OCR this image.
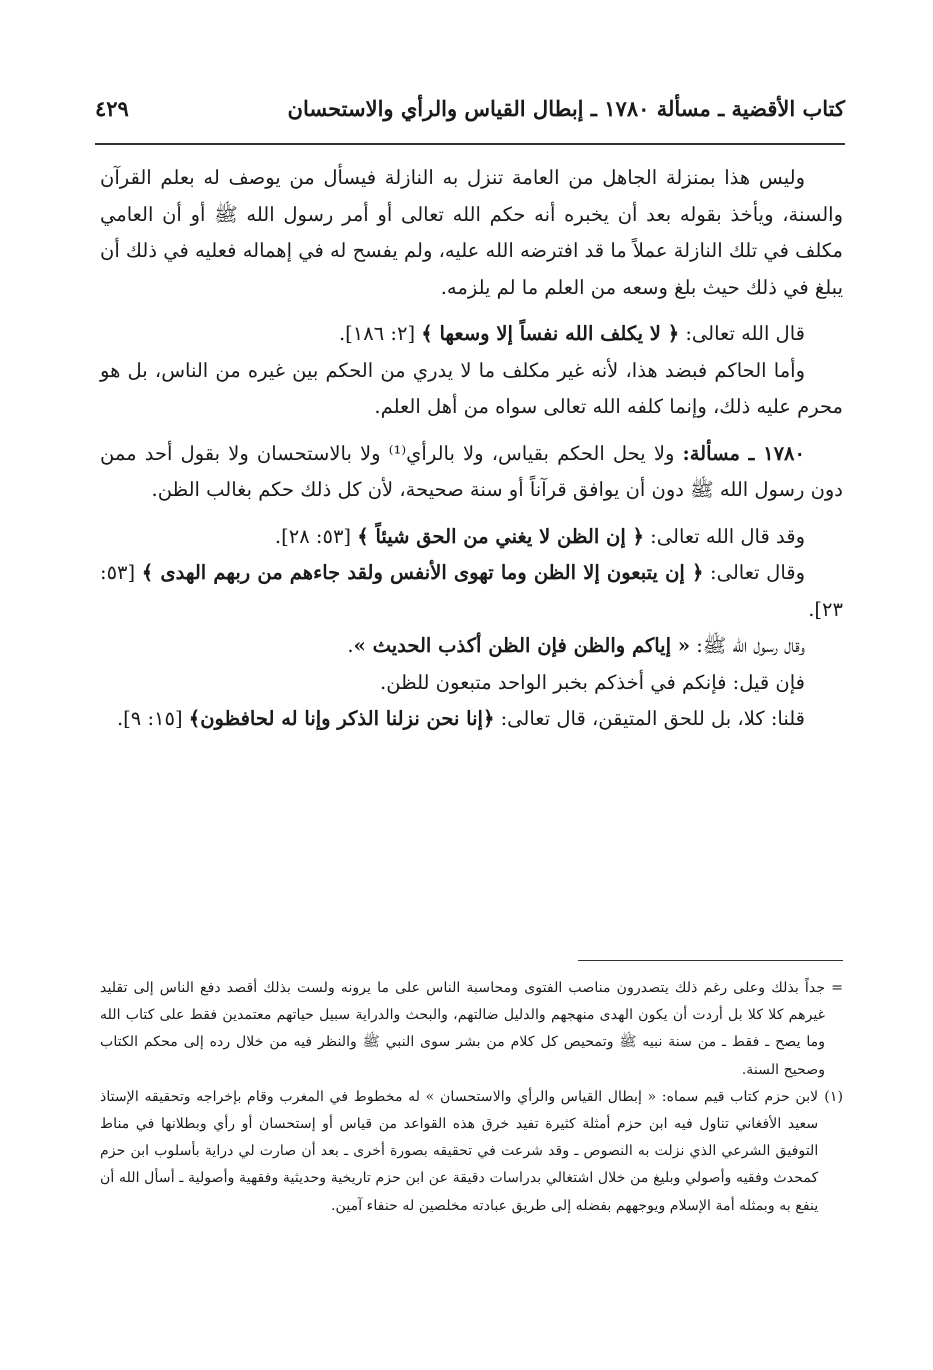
كتاب الأقضية ـ مسألة ١٧٨٠ ـ إبطال القياس والرأي والاستحسان
٤٢٩

وليس هذا بمنزلة الجاهل من العامة تنزل به النازلة فيسأل من يوصف له بعلم القرآن والسنة، ويأخذ بقوله بعد أن يخبره أنه حكم الله تعالى أو أمر رسول الله ﷺ أو أن العامي مكلف في تلك النازلة عملاً ما قد افترضه الله عليه، ولم يفسح له في إهماله فعليه في ذلك أن يبلغ في ذلك حيث بلغ وسعه من العلم ما لم يلزمه.

قال الله تعالى: ﴿ لا يكلف الله نفساً إلا وسعها ﴾ [٢: ١٨٦].

وأما الحاكم فبضد هذا، لأنه غير مكلف ما لا يدري من الحكم بين غيره من الناس، بل هو محرم عليه ذلك، وإنما كلفه الله تعالى سواه من أهل العلم.

١٧٨٠ ـ مسألة: ولا يحل الحكم بقياس، ولا بالرأي⁽¹⁾ ولا بالاستحسان ولا بقول أحد ممن دون رسول الله ﷺ دون أن يوافق قرآناً أو سنة صحيحة، لأن كل ذلك حكم بغالب الظن.

وقد قال الله تعالى: ﴿ إن الظن لا يغني من الحق شيئاً ﴾ [٥٣: ٢٨].

وقال تعالى: ﴿ إن يتبعون إلا الظن وما تهوى الأنفس ولقد جاءهم من ربهم الهدى ﴾ [٥٣: ٢٣].

وقال رسول الله ﷺ: « إياكم والظن فإن الظن أكذب الحديث ».

فإن قيل: فإنكم في أخذكم بخبر الواحد متبعون للظن.

قلنا: كلا، بل للحق المتيقن، قال تعالى: ﴿إنا نحن نزلنا الذكر وإنا له لحافظون﴾ [١٥: ٩].

=
جداً بذلك وعلى رغم ذلك يتصدرون مناصب الفتوى ومحاسبة الناس على ما يرونه ولست بذلك أقصد دفع الناس إلى تقليد غيرهم كلا كلا بل أردت أن يكون الهدى منهجهم والدليل ضالتهم، والبحث والدراية سبيل حياتهم معتمدين فقط على كتاب الله وما يصح ـ فقط ـ من سنة نبيه ﷺ وتمحيص كل كلام من بشر سوى النبي ﷺ والنظر فيه من خلال رده إلى محكم الكتاب وصحيح السنة.
(١)
لابن حزم كتاب قيم سماه: « إبطال القياس والرأي والاستحسان » له مخطوط في المغرب وقام بإخراجه وتحقيقه الإستاذ سعيد الأفغاني تناول فيه ابن حزم أمثلة كثيرة تفيد خرق هذه القواعد من قياس أو إستحسان أو رأي وبطلانها في مناط التوفيق الشرعي الذي نزلت به النصوص ـ وقد شرعت في تحقيقه بصورة أخرى ـ بعد أن صارت لي دراية بأسلوب ابن حزم كمحدث وفقيه وأصولي وبليغ من خلال اشتغالي بدراسات دقيقة عن ابن حزم تاريخية وحديثية وفقهية وأصولية ـ أسأل الله أن ينفع به وبمثله أمة الإسلام ويوجههم بفضله إلى طريق عبادته مخلصين له حنفاء آمين.
